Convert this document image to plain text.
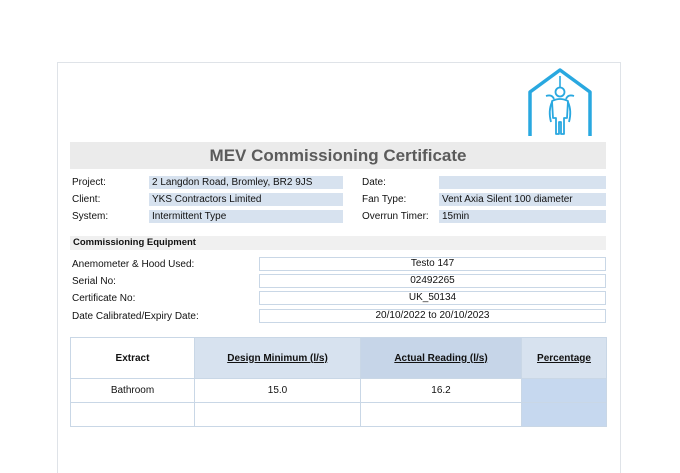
MEV Commissioning Certificate
Project:	2 Langdon Road, Bromley, BR2 9JS
Client:	YKS Contractors Limited
System:	Intermittent Type
Date:
Fan Type:	Vent Axia Silent 100 diameter
Overrun Timer:	15min
Commissioning Equipment
Anemometer & Hood Used:	Testo 147
Serial No:	02492265
Certificate No:	UK_50134
Date Calibrated/Expiry Date:	20/10/2022 to 20/10/2023
Extract	Design Minimum (l/s)	Actual Reading (l/s)	Percentage
Bathroom	15.0	16.2	
